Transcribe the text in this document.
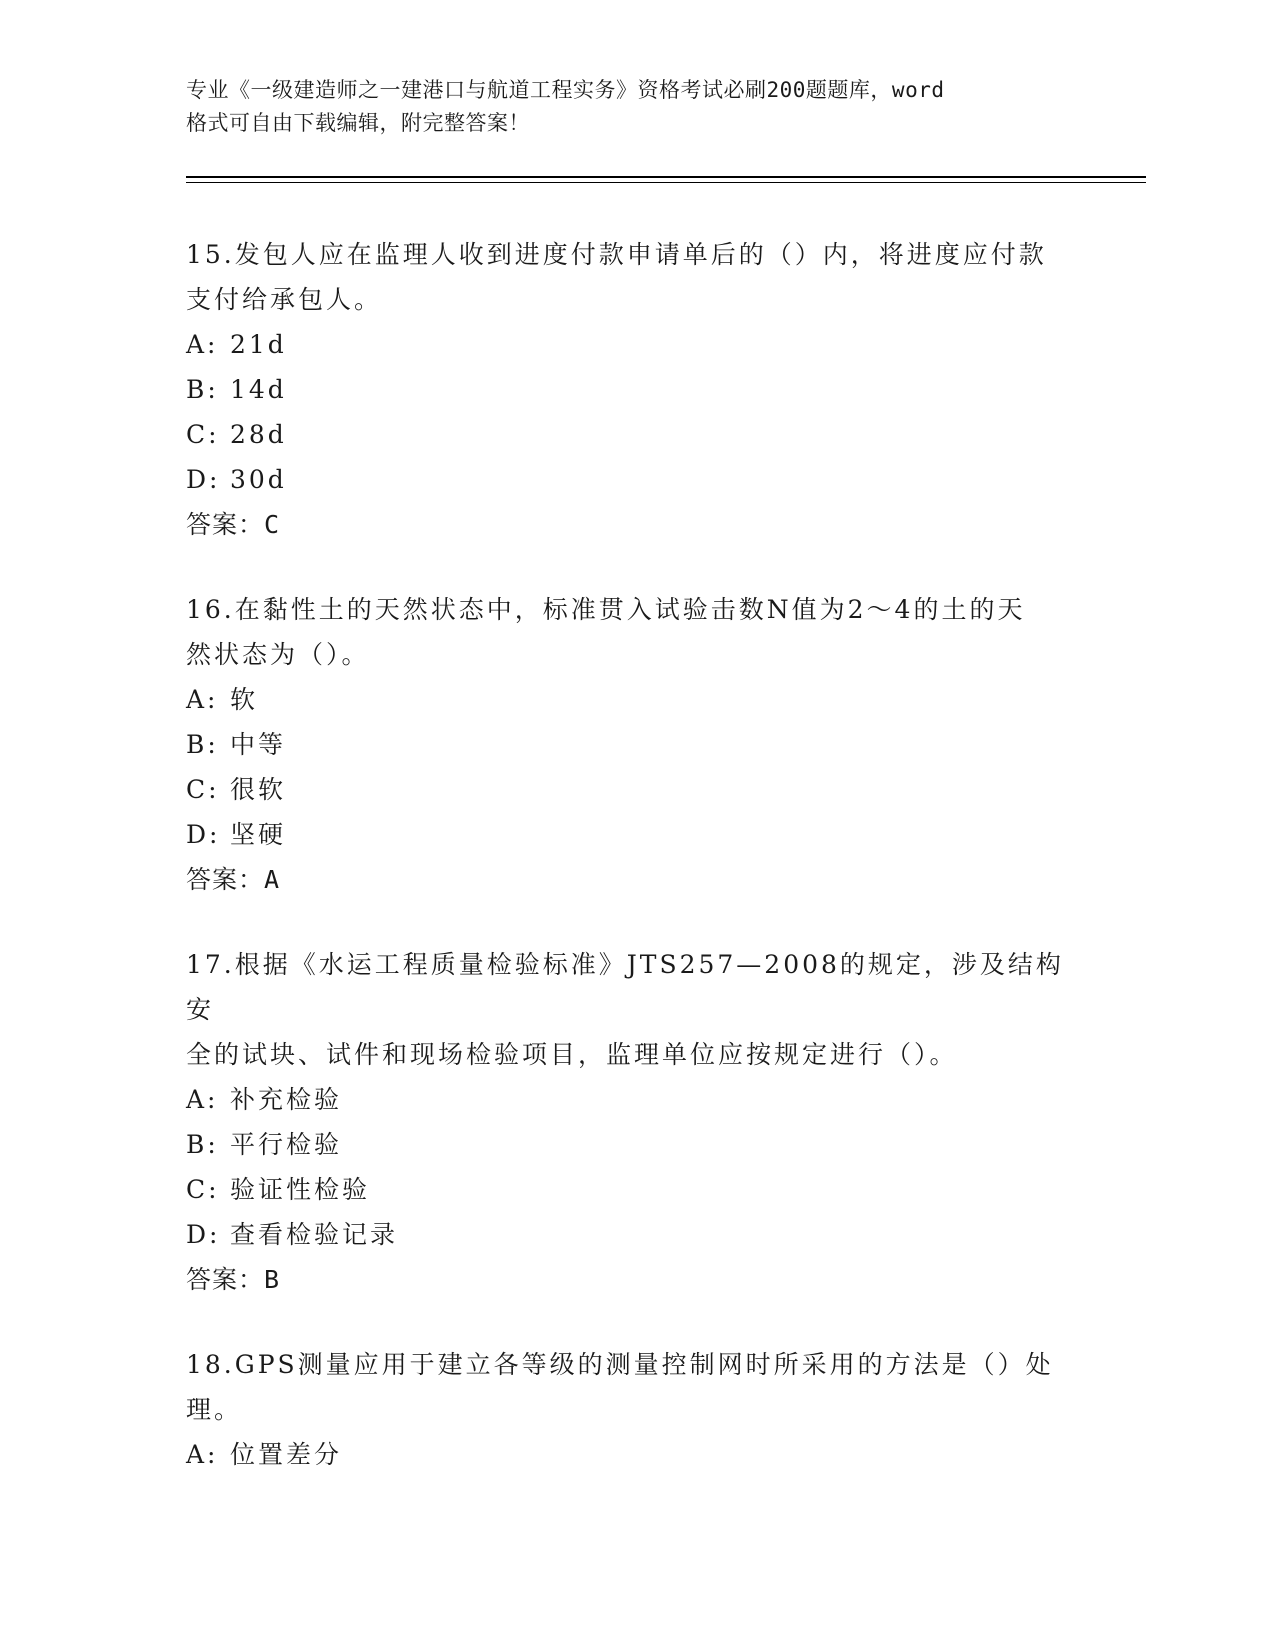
专业《一级建造师之一建港口与航道工程实务》资格考试必刷200题题库，word
格式可自由下载编辑，附完整答案！

15.发包人应在监理人收到进度付款申请单后的（）内，将进度应付款

支付给承包人。

A: 21d

B: 14d

C: 28d

D: 30d

答案：C

16.在黏性土的天然状态中，标准贯入试验击数N值为2～4的土的天

然状态为（）。

A: 软

B: 中等

C: 很软

D: 坚硬

答案：A

17.根据《水运工程质量检验标准》JTS257—2008的规定，涉及结构安

全的试块、试件和现场检验项目，监理单位应按规定进行（）。

A: 补充检验

B: 平行检验

C: 验证性检验

D: 查看检验记录

答案：B

18.GPS测量应用于建立各等级的测量控制网时所采用的方法是（）处

理。

A: 位置差分
